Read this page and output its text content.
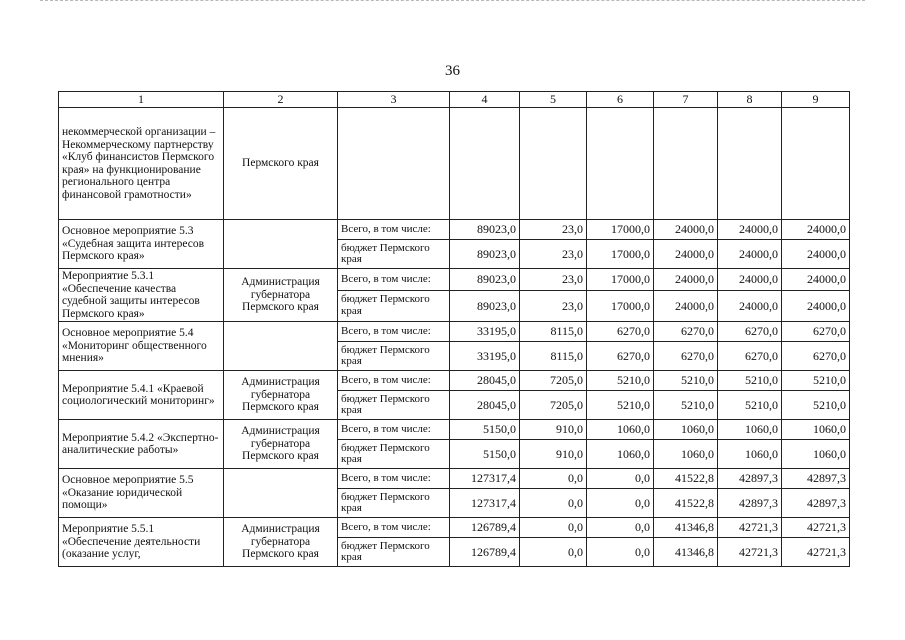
36
1	2	3	4	5	6	7	8	9
некоммерческой организации – Некоммерческому партнерству «Клуб финансистов Пермского края» на функционирование регионального центра финансовой грамотности»	Пермского края							
Основное мероприятие 5.3 «Судебная защита интересов Пермского края»		Всего, в том числе:	89023,0	23,0	17000,0	24000,0	24000,0	24000,0
		бюджет Пермского края	89023,0	23,0	17000,0	24000,0	24000,0	24000,0
Мероприятие 5.3.1 «Обеспечение качества судебной защиты интересов Пермского края»	Администрация губернатора Пермского края	Всего, в том числе:	89023,0	23,0	17000,0	24000,0	24000,0	24000,0
		бюджет Пермского края	89023,0	23,0	17000,0	24000,0	24000,0	24000,0
Основное мероприятие 5.4 «Мониторинг общественного мнения»		Всего, в том числе:	33195,0	8115,0	6270,0	6270,0	6270,0	6270,0
		бюджет Пермского края	33195,0	8115,0	6270,0	6270,0	6270,0	6270,0
Мероприятие 5.4.1 «Краевой социологический мониторинг»	Администрация губернатора Пермского края	Всего, в том числе:	28045,0	7205,0	5210,0	5210,0	5210,0	5210,0
		бюджет Пермского края	28045,0	7205,0	5210,0	5210,0	5210,0	5210,0
Мероприятие 5.4.2 «Экспертно-аналитические работы»	Администрация губернатора Пермского края	Всего, в том числе:	5150,0	910,0	1060,0	1060,0	1060,0	1060,0
		бюджет Пермского края	5150,0	910,0	1060,0	1060,0	1060,0	1060,0
Основное мероприятие 5.5 «Оказание юридической помощи»		Всего, в том числе:	127317,4	0,0	0,0	41522,8	42897,3	42897,3
		бюджет Пермского края	127317,4	0,0	0,0	41522,8	42897,3	42897,3
Мероприятие 5.5.1 «Обеспечение деятельности (оказание услуг,	Администрация губернатора Пермского края	Всего, в том числе:	126789,4	0,0	0,0	41346,8	42721,3	42721,3
		бюджет Пермского края	126789,4	0,0	0,0	41346,8	42721,3	42721,3
